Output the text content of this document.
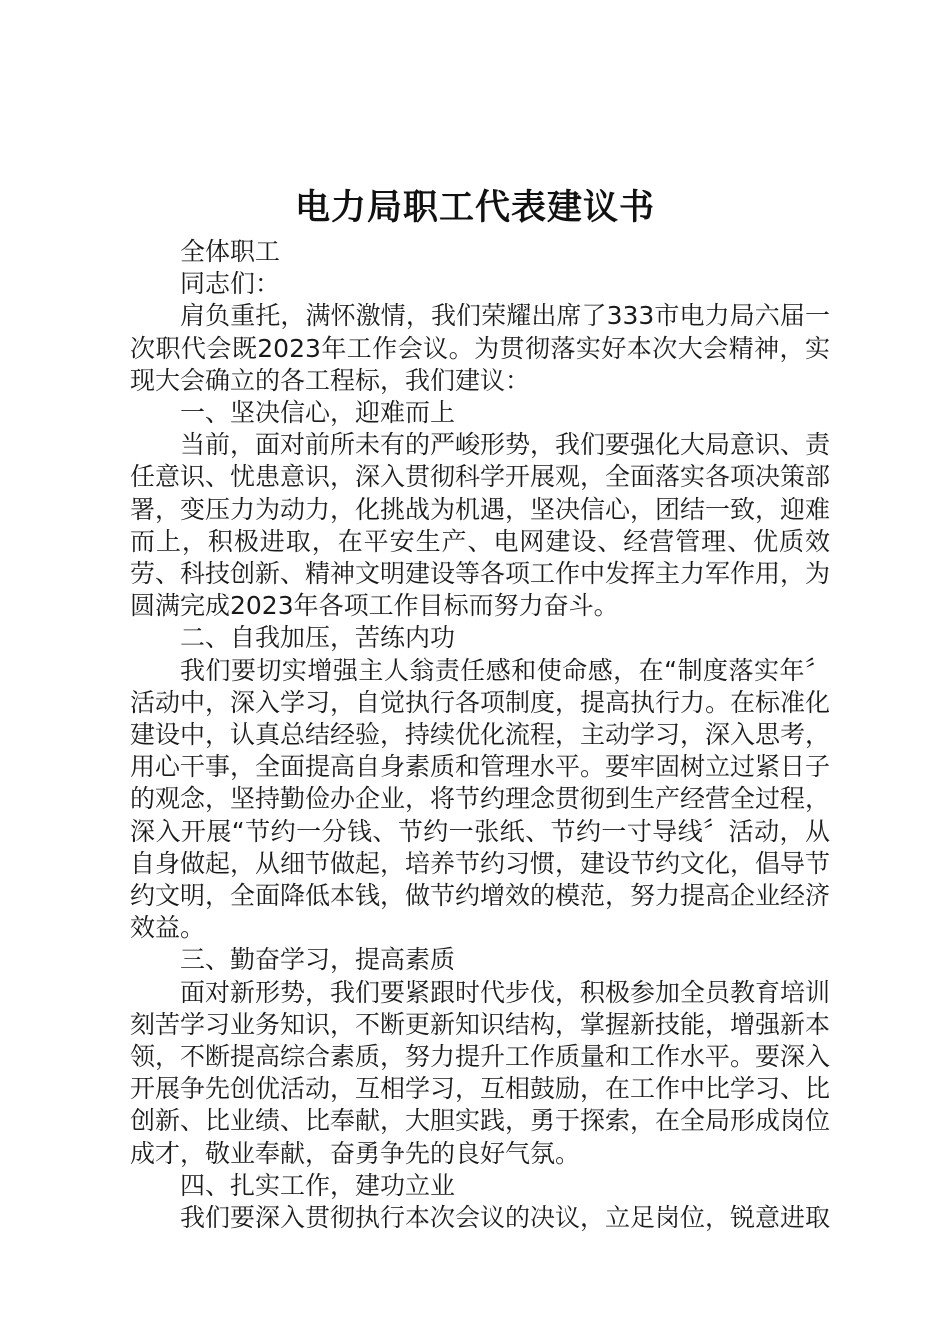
电力局职工代表建议书

全体职工

同志们：

肩负重托，满怀激情，我们荣耀出席了333市电力局六届一次职代会既2023年工作会议。为贯彻落实好本次大会精神，实现大会确立的各工程标，我们建议：

一、坚决信心，迎难而上

当前，面对前所未有的严峻形势，我们要强化大局意识、责任意识、忧患意识，深入贯彻科学开展观，全面落实各项决策部署，变压力为动力，化挑战为机遇，坚决信心，团结一致，迎难而上，积极进取，在平安生产、电网建设、经营管理、优质效劳、科技创新、精神文明建设等各项工作中发挥主力军作用，为圆满完成2023年各项工作目标而努力奋斗。

二、自我加压，苦练内功

我们要切实增强主人翁责任感和使命感，在“制度落实年〞活动中，深入学习，自觉执行各项制度，提高执行力。在标准化建设中，认真总结经验，持续优化流程，主动学习，深入思考，用心干事，全面提高自身素质和管理水平。要牢固树立过紧日子的观念，坚持勤俭办企业，将节约理念贯彻到生产经营全过程，深入开展“节约一分钱、节约一张纸、节约一寸导线〞活动，从自身做起，从细节做起，培养节约习惯，建设节约文化，倡导节约文明，全面降低本钱，做节约增效的模范，努力提高企业经济效益。

三、勤奋学习，提高素质

面对新形势，我们要紧跟时代步伐，积极参加全员教育培训刻苦学习业务知识，不断更新知识结构，掌握新技能，增强新本领，不断提高综合素质，努力提升工作质量和工作水平。要深入开展争先创优活动，互相学习，互相鼓励，在工作中比学习、比创新、比业绩、比奉献，大胆实践，勇于探索，在全局形成岗位成才，敬业奉献，奋勇争先的良好气氛。

四、扎实工作，建功立业

我们要深入贯彻执行本次会议的决议，立足岗位，锐意进取
